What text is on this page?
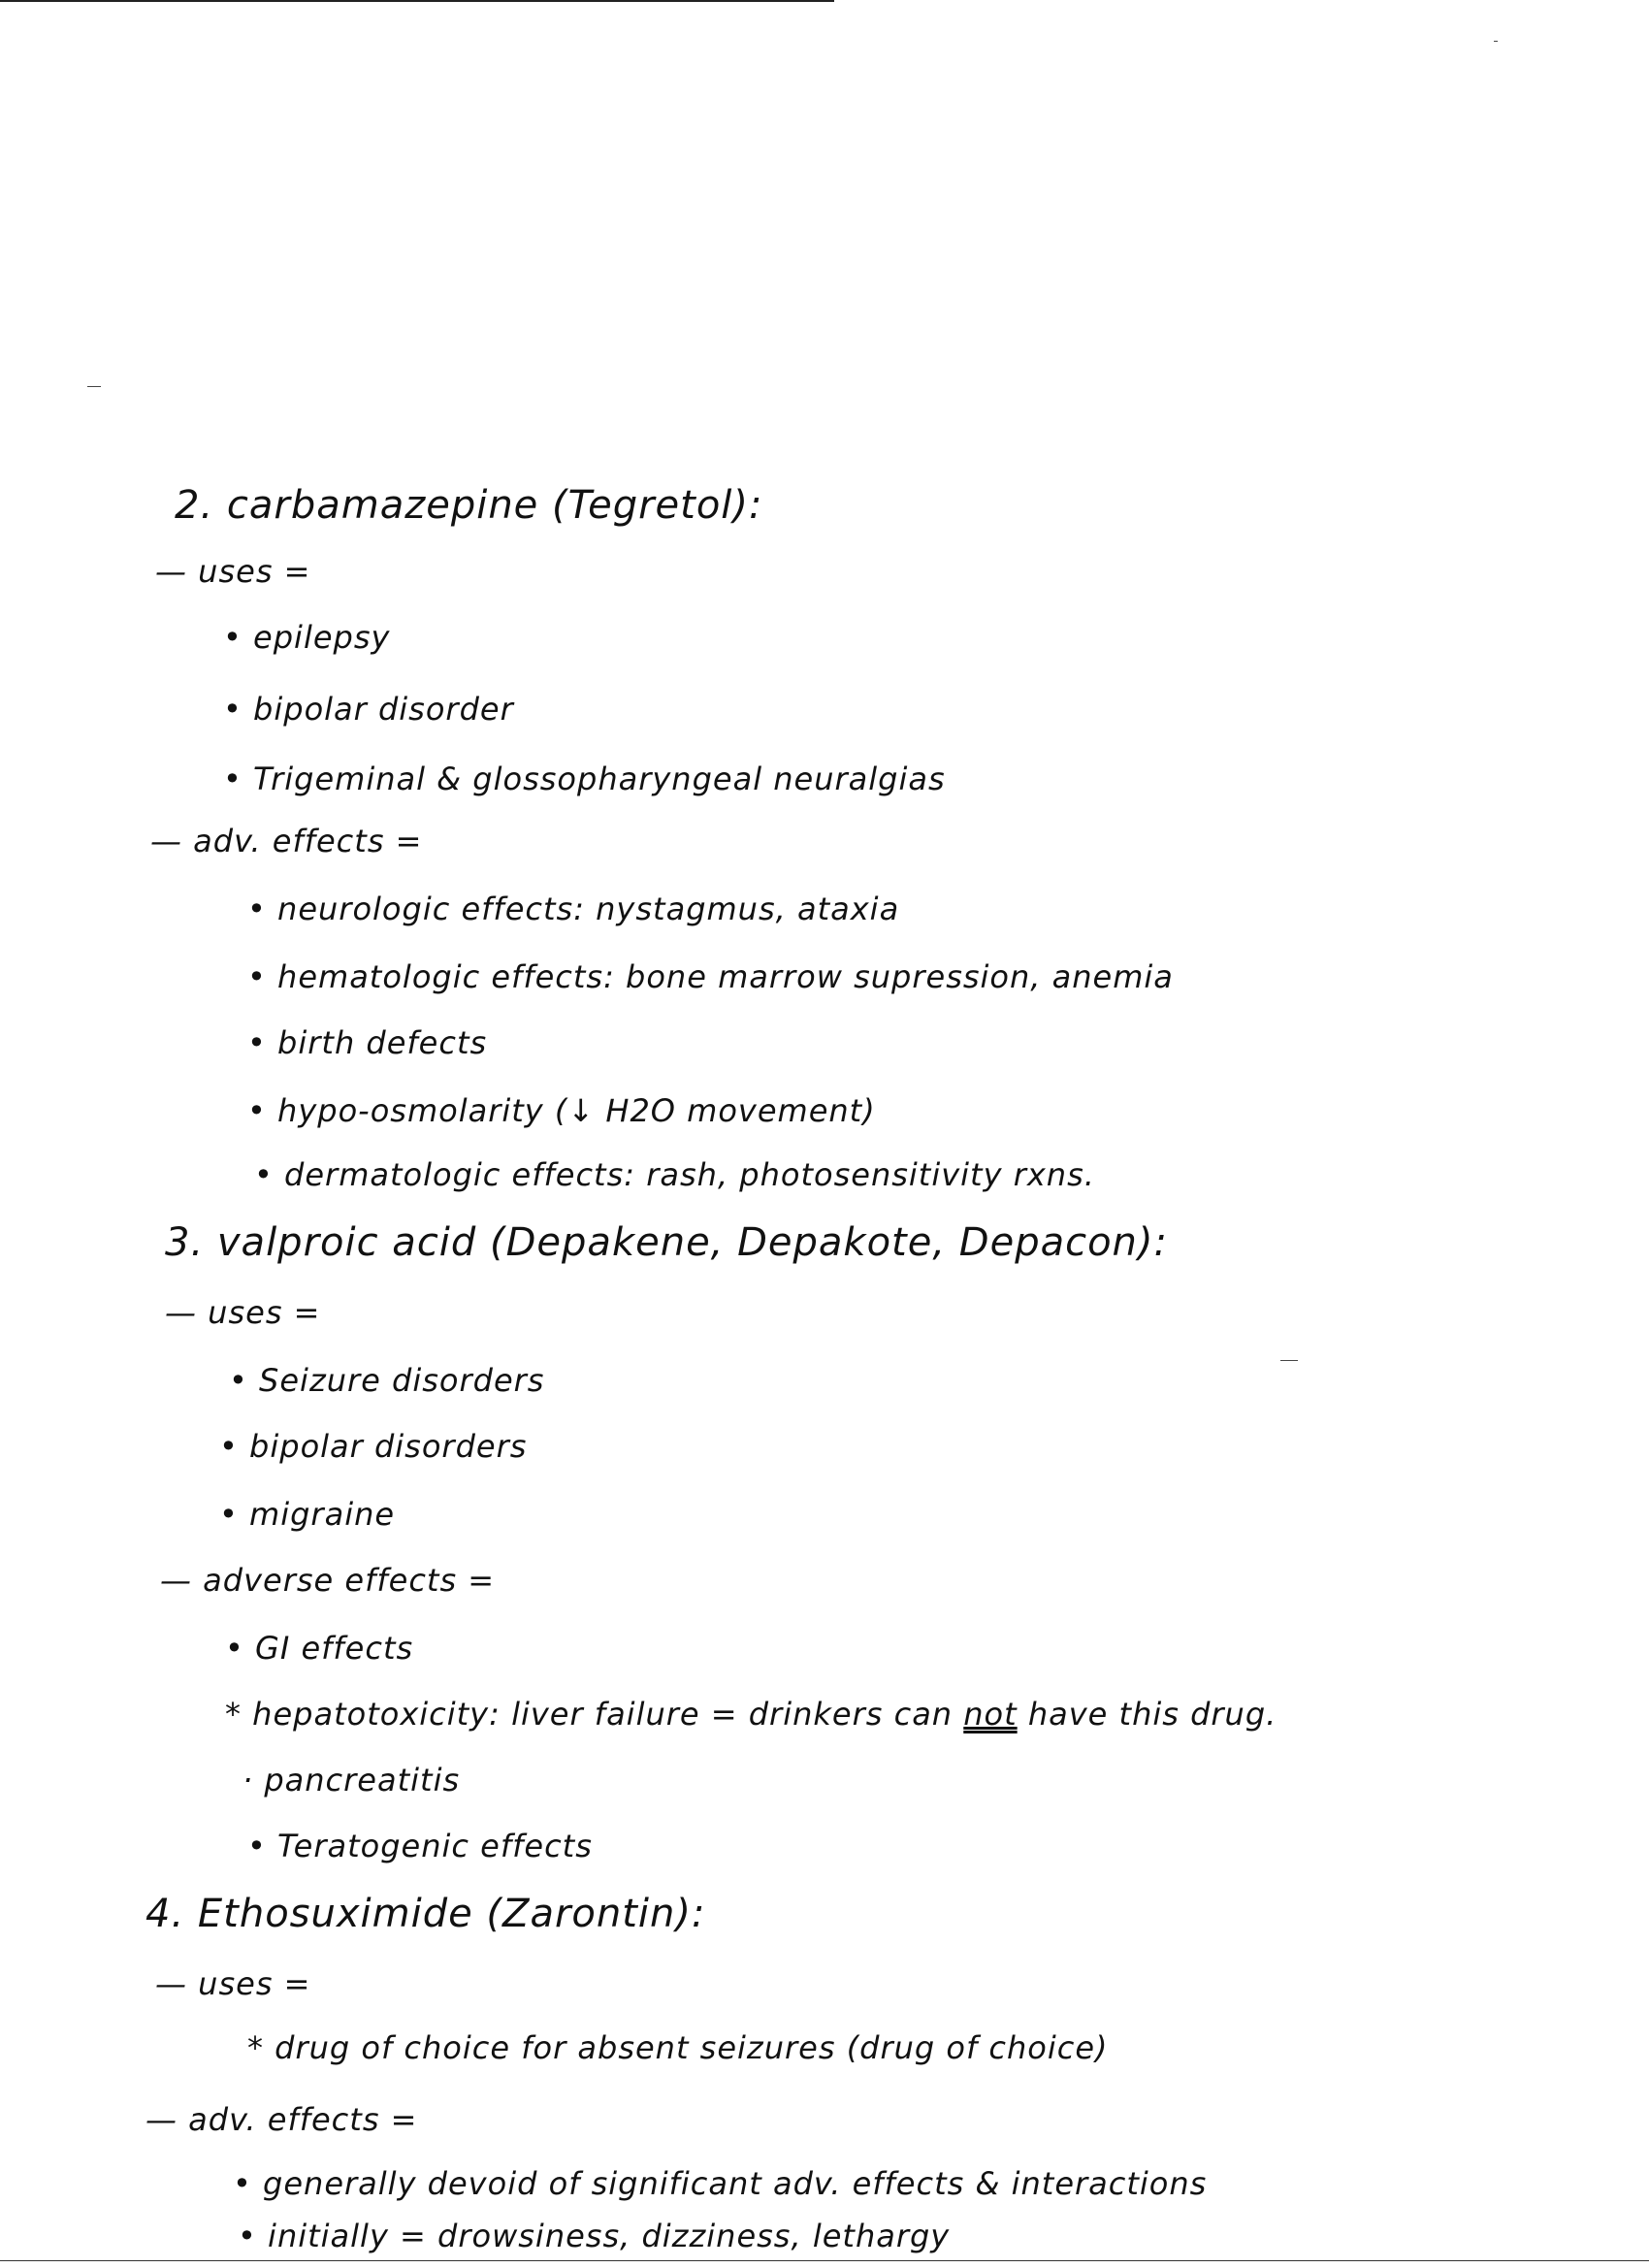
2. carbamazepine (Tegretol):
— uses =
• epilepsy
• bipolar disorder
• Trigeminal & glossopharyngeal neuralgias
— adv. effects =
• neurologic effects: nystagmus, ataxia
• hematologic effects: bone marrow supression, anemia
• birth defects
• hypo-osmolarity (↓ H2O movement)
• dermatologic effects: rash, photosensitivity rxns.
3. valproic acid (Depakene, Depakote, Depacon):
— uses =
• Seizure disorders
• bipolar disorders
• migraine
— adverse effects =
• GI effects
* hepatotoxicity: liver failure = drinkers can not have this drug.
· pancreatitis
• Teratogenic effects
4. Ethosuximide (Zarontin):
— uses =
* drug of choice for absent seizures (drug of choice)
— adv. effects =
• generally devoid of significant adv. effects & interactions
• initially = drowsiness, dizziness, lethargy
